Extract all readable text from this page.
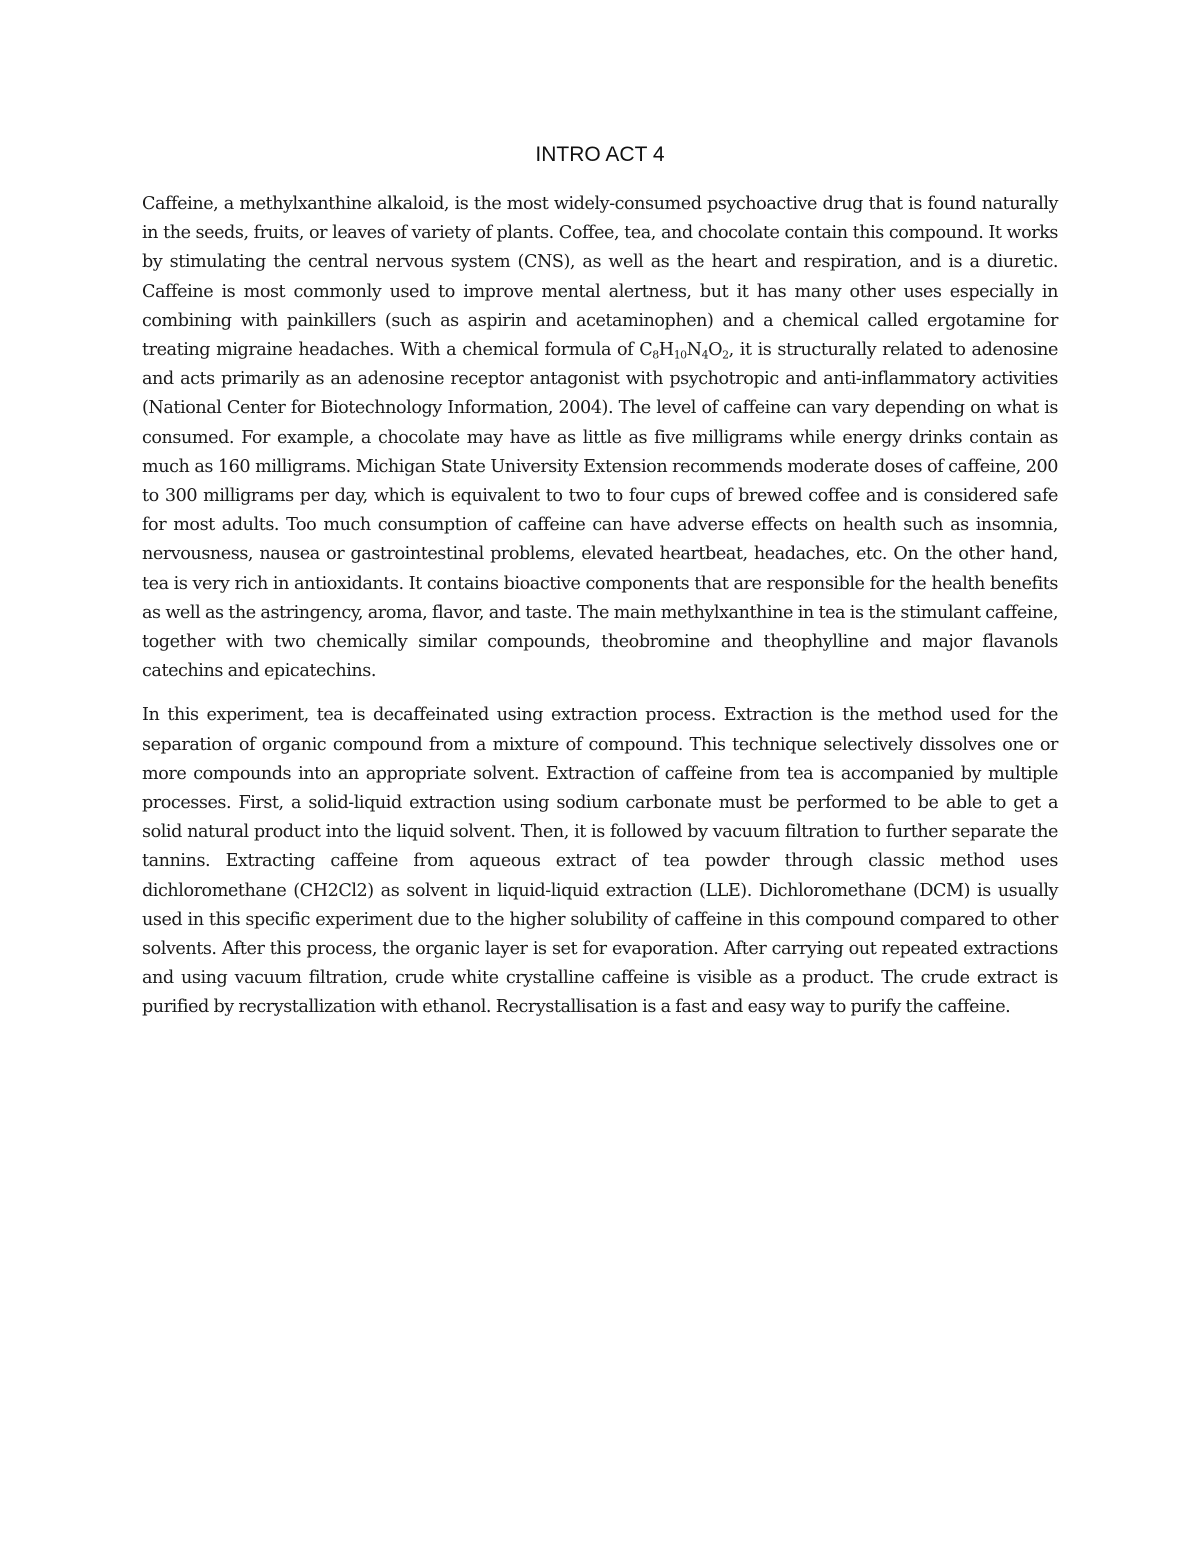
INTRO ACT 4

Caffeine, a methylxanthine alkaloid, is the most widely-consumed psychoactive drug that is found naturally in the seeds, fruits, or leaves of variety of plants. Coffee, tea, and chocolate contain this compound. It works by stimulating the central nervous system (CNS), as well as the heart and respiration, and is a diuretic. Caffeine is most commonly used to improve mental alertness, but it has many other uses especially in combining with painkillers (such as aspirin and acetaminophen) and a chemical called ergotamine for treating migraine headaches. With a chemical formula of $C_8H_{10}N_4O_2$, it is structurally related to adenosine and acts primarily as an adenosine receptor antagonist with psychotropic and anti-inflammatory activities (National Center for Biotechnology Information, 2004). The level of caffeine can vary depending on what is consumed. For example, a chocolate may have as little as five milligrams while energy drinks contain as much as 160 milligrams. Michigan State University Extension recommends moderate doses of caffeine, 200 to 300 milligrams per day, which is equivalent to two to four cups of brewed coffee and is considered safe for most adults. Too much consumption of caffeine can have adverse effects on health such as insomnia, nervousness, nausea or gastrointestinal problems, elevated heartbeat, headaches, etc. On the other hand, tea is very rich in antioxidants. It contains bioactive components that are responsible for the health benefits as well as the astringency, aroma, flavor, and taste. The main methylxanthine in tea is the stimulant caffeine, together with two chemically similar compounds, theobromine and theophylline and major flavanols catechins and epicatechins.

In this experiment, tea is decaffeinated using extraction process. Extraction is the method used for the separation of organic compound from a mixture of compound. This technique selectively dissolves one or more compounds into an appropriate solvent. Extraction of caffeine from tea is accompanied by multiple processes. First, a solid-liquid extraction using sodium carbonate must be performed to be able to get a solid natural product into the liquid solvent. Then, it is followed by vacuum filtration to further separate the tannins. Extracting caffeine from aqueous extract of tea powder through classic method uses dichloromethane (CH2Cl2) as solvent in liquid-liquid extraction (LLE). Dichloromethane (DCM) is usually used in this specific experiment due to the higher solubility of caffeine in this compound compared to other solvents. After this process, the organic layer is set for evaporation. After carrying out repeated extractions and using vacuum filtration, crude white crystalline caffeine is visible as a product. The crude extract is purified by recrystallization with ethanol. Recrystallisation is a fast and easy way to purify the caffeine.
